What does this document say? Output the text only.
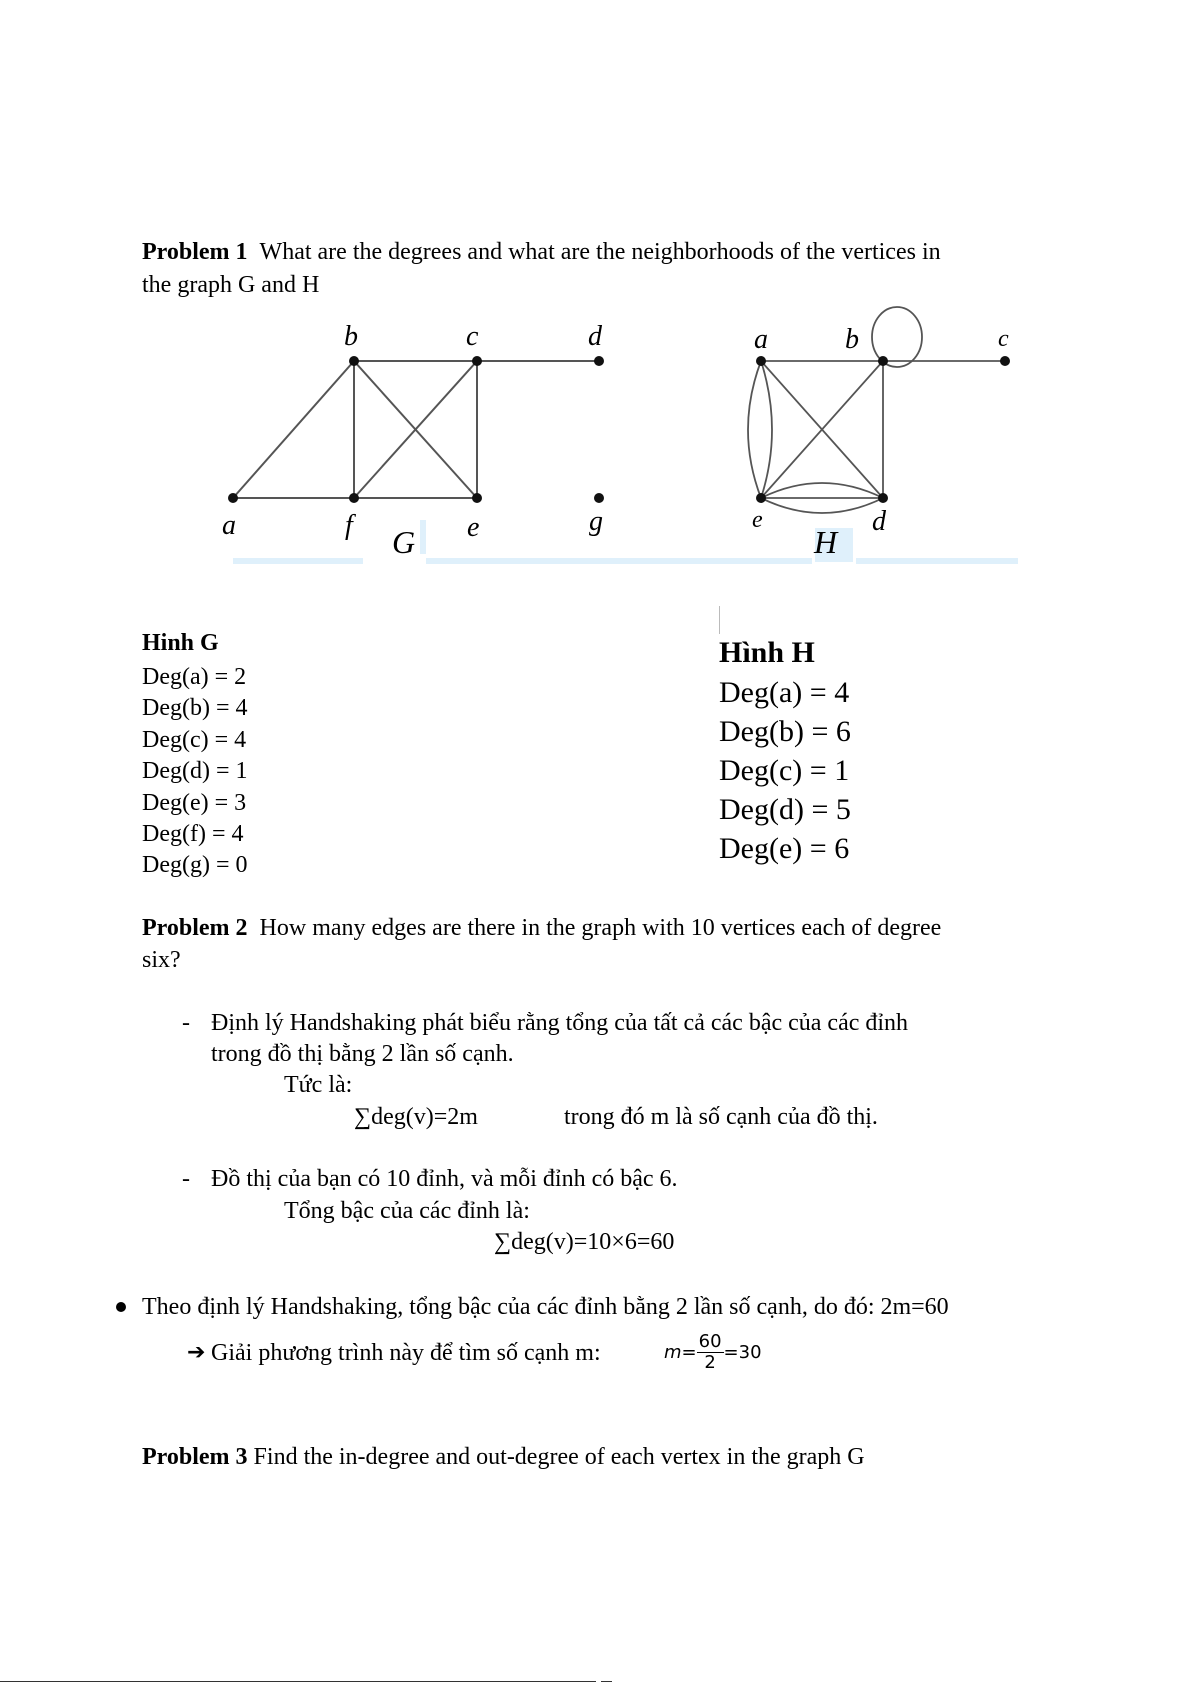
Problem 1 What are the degrees and what are the neighborhoods of the vertices in
the graph G and H
b	c	d
a	f	e	g
G
a	b	c
e	d
H
Hinh G
Deg(a) = 2
Deg(b) = 4
Deg(c) = 4
Deg(d) = 1
Deg(e) = 3
Deg(f) = 4
Deg(g) = 0
Hình H
Deg(a) = 4
Deg(b) = 6
Deg(c) = 1
Deg(d) = 5
Deg(e) = 6
Problem 2 How many edges are there in the graph with 10 vertices each of degree
six?
- Định lý Handshaking phát biểu rằng tổng của tất cả các bậc của các đỉnh
trong đồ thị bằng 2 lần số cạnh.
Tức là:
∑deg(v)=2m	trong đó m là số cạnh của đồ thị.
- Đồ thị của bạn có 10 đỉnh, và mỗi đỉnh có bậc 6.
Tổng bậc của các đỉnh là:
∑deg(v)=10×6=60
Theo định lý Handshaking, tổng bậc của các đỉnh bằng 2 lần số cạnh, do đó: 2m=60
➔ Giải phương trình này để tìm số cạnh m:	$m= \frac{60}{2} =30$
Problem 3 Find the in-degree and out-degree of each vertex in the graph G
